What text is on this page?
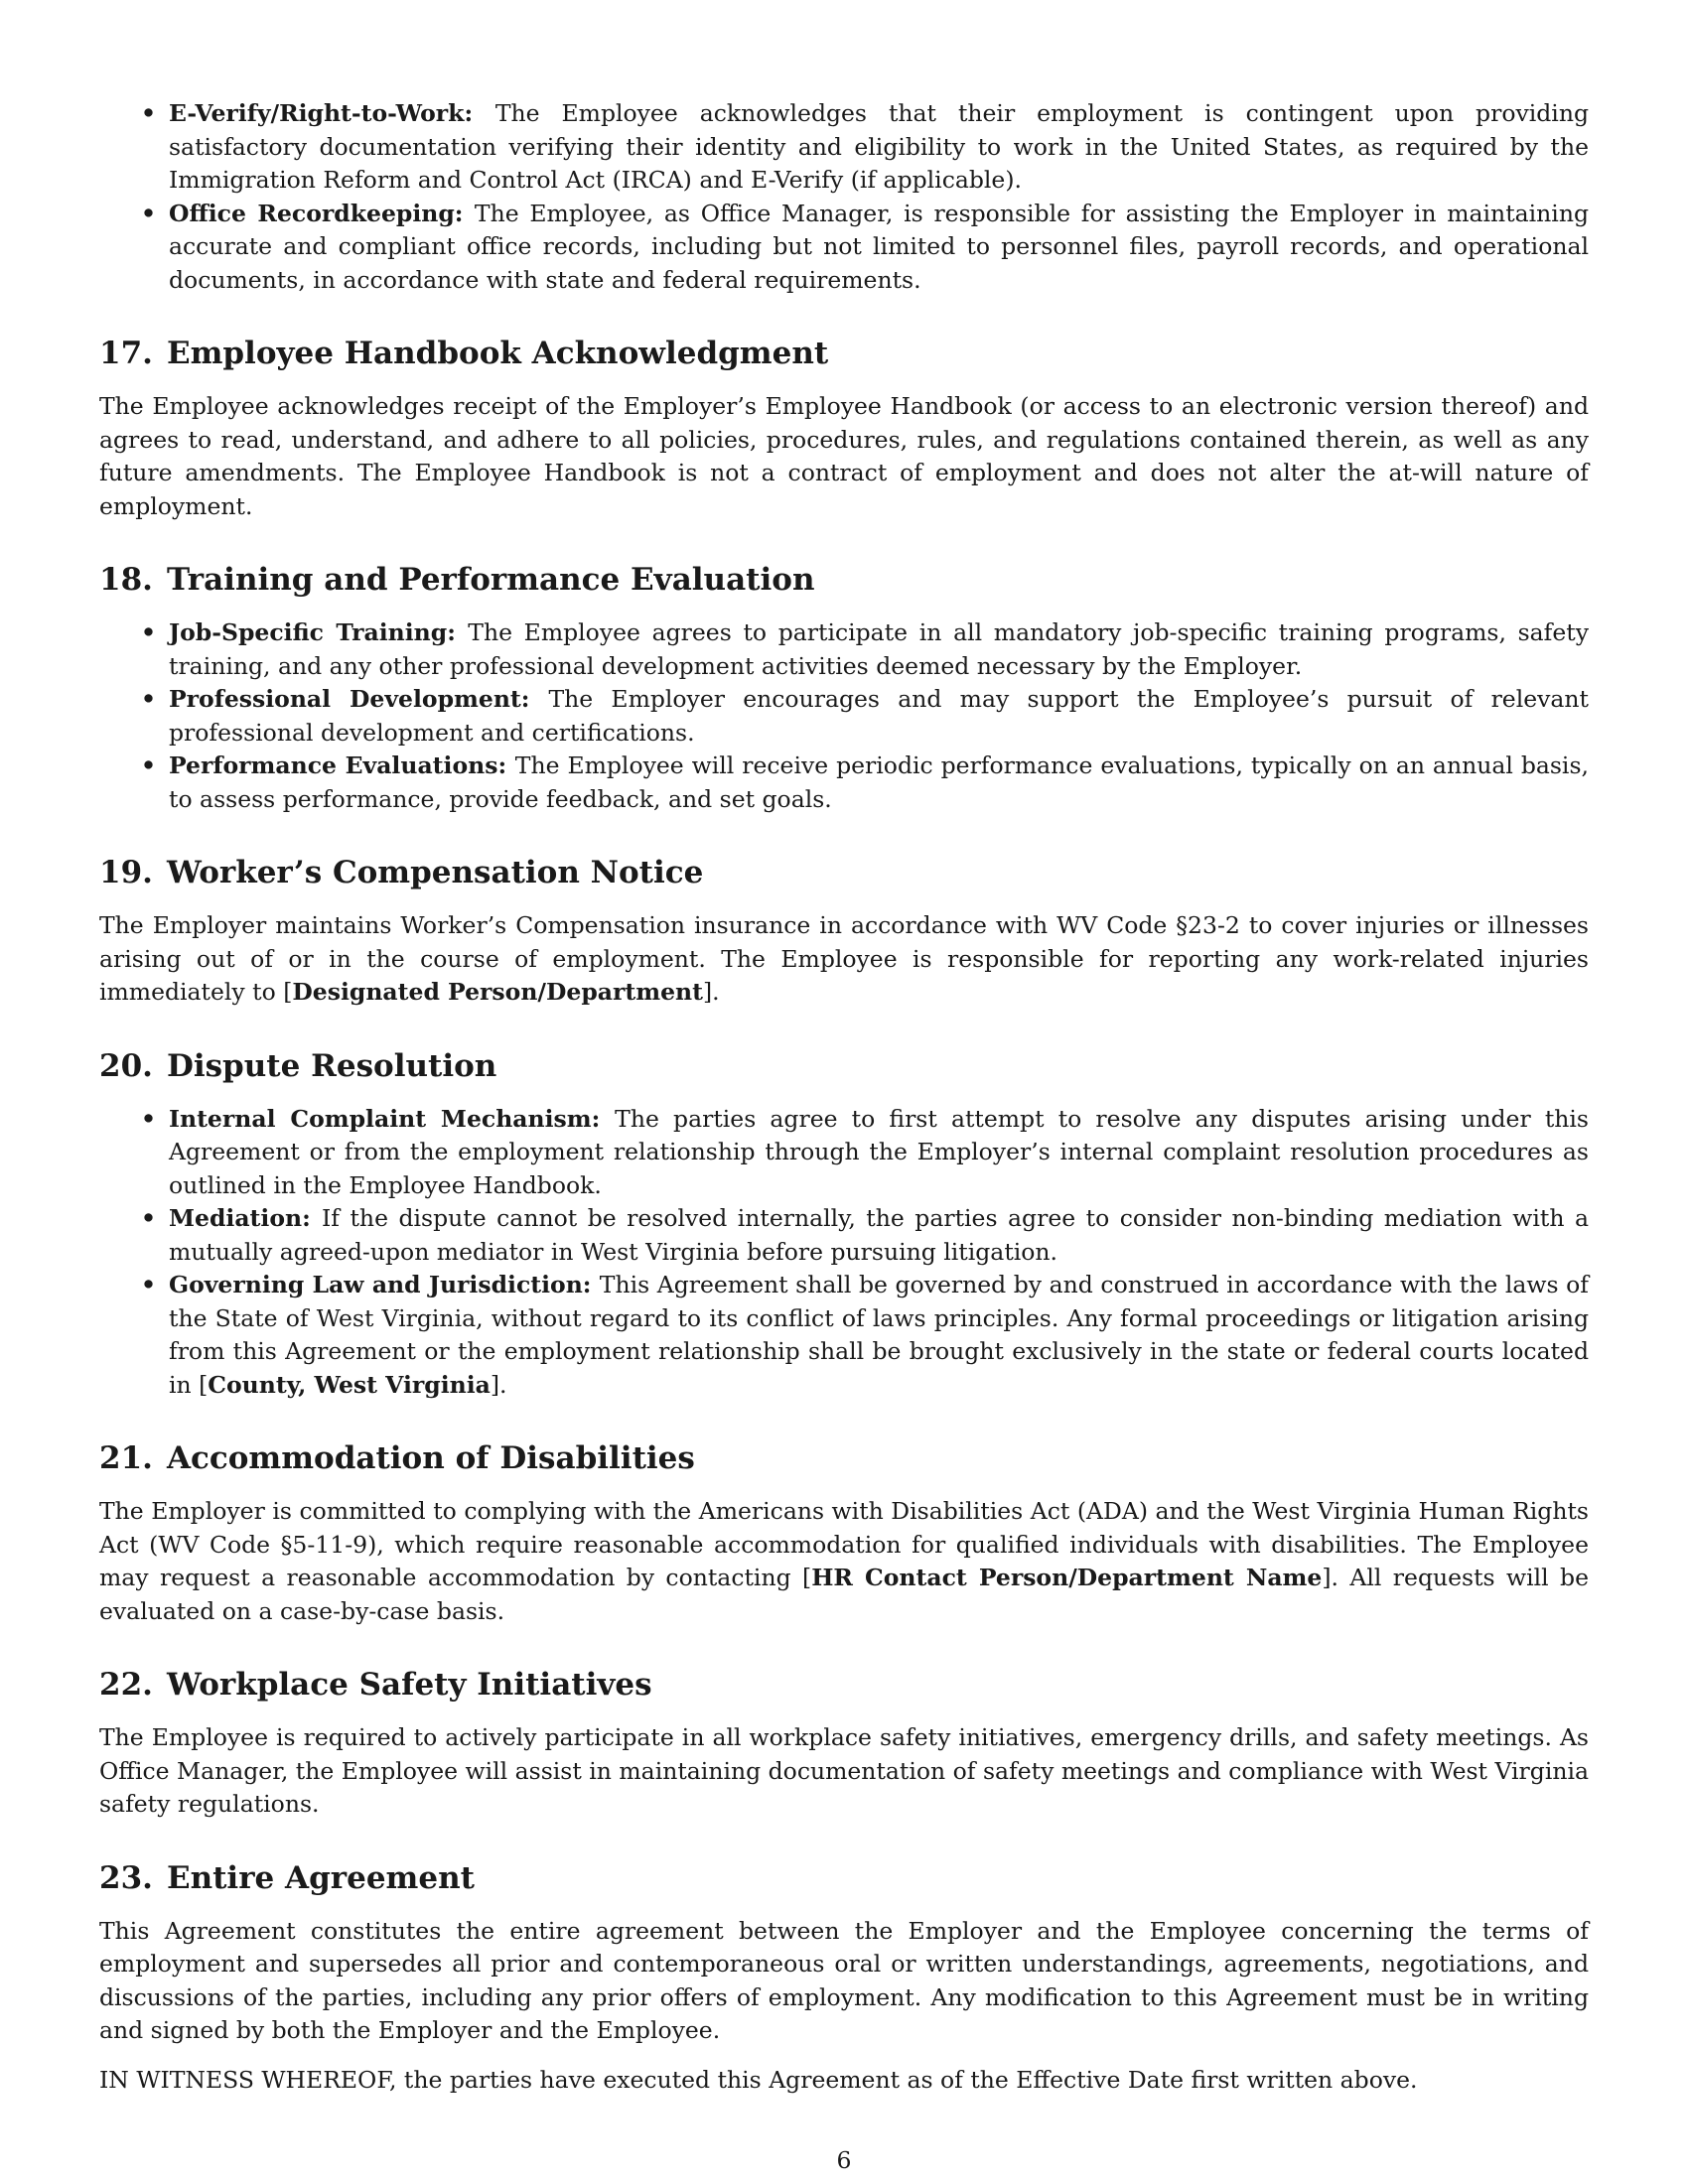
• E-Verify/Right-to-Work: The Employee acknowledges that their employment is contingent upon providing satisfactory documentation verifying their identity and eligibility to work in the United States, as required by the Immigration Reform and Control Act (IRCA) and E-Verify (if applicable).
• Office Recordkeeping: The Employee, as Office Manager, is responsible for assisting the Employer in maintaining accurate and compliant office records, including but not limited to personnel files, payroll records, and operational documents, in accordance with state and federal requirements.
17. Employee Handbook Acknowledgment

The Employee acknowledges receipt of the Employer’s Employee Handbook (or access to an electronic version thereof) and agrees to read, understand, and adhere to all policies, procedures, rules, and regulations contained therein, as well as any future amendments. The Employee Handbook is not a contract of employment and does not alter the at-will nature of employment.

18. Training and Performance Evaluation
• Job-Specific Training: The Employee agrees to participate in all mandatory job-specific training programs, safety training, and any other professional development activities deemed necessary by the Employer.
• Professional Development: The Employer encourages and may support the Employee’s pursuit of relevant professional development and certifications.
• Performance Evaluations: The Employee will receive periodic performance evaluations, typically on an annual basis, to assess performance, provide feedback, and set goals.
19. Worker’s Compensation Notice

The Employer maintains Worker’s Compensation insurance in accordance with WV Code §23-2 to cover injuries or illnesses arising out of or in the course of employment. The Employee is responsible for reporting any work-related injuries immediately to [Designated Person/Department].

20. Dispute Resolution
• Internal Complaint Mechanism: The parties agree to first attempt to resolve any disputes arising under this Agreement or from the employment relationship through the Employer’s internal complaint resolution procedures as outlined in the Employee Handbook.
• Mediation: If the dispute cannot be resolved internally, the parties agree to consider non-binding mediation with a mutually agreed-upon mediator in West Virginia before pursuing litigation.
• Governing Law and Jurisdiction: This Agreement shall be governed by and construed in accordance with the laws of the State of West Virginia, without regard to its conflict of laws principles. Any formal proceedings or litigation arising from this Agreement or the employment relationship shall be brought exclusively in the state or federal courts located in [County, West Virginia].
21. Accommodation of Disabilities

The Employer is committed to complying with the Americans with Disabilities Act (ADA) and the West Virginia Human Rights Act (WV Code §5-11-9), which require reasonable accommodation for qualified individuals with disabilities. The Employee may request a reasonable accommodation by contacting [HR Contact Person/Department Name]. All requests will be evaluated on a case-by-case basis.

22. Workplace Safety Initiatives

The Employee is required to actively participate in all workplace safety initiatives, emergency drills, and safety meetings. As Office Manager, the Employee will assist in maintaining documentation of safety meetings and compliance with West Virginia safety regulations.

23. Entire Agreement

This Agreement constitutes the entire agreement between the Employer and the Employee concerning the terms of employment and supersedes all prior and contemporaneous oral or written understandings, agreements, negotiations, and discussions of the parties, including any prior offers of employment. Any modification to this Agreement must be in writing and signed by both the Employer and the Employee.

IN WITNESS WHEREOF, the parties have executed this Agreement as of the Effective Date first written above.

6
